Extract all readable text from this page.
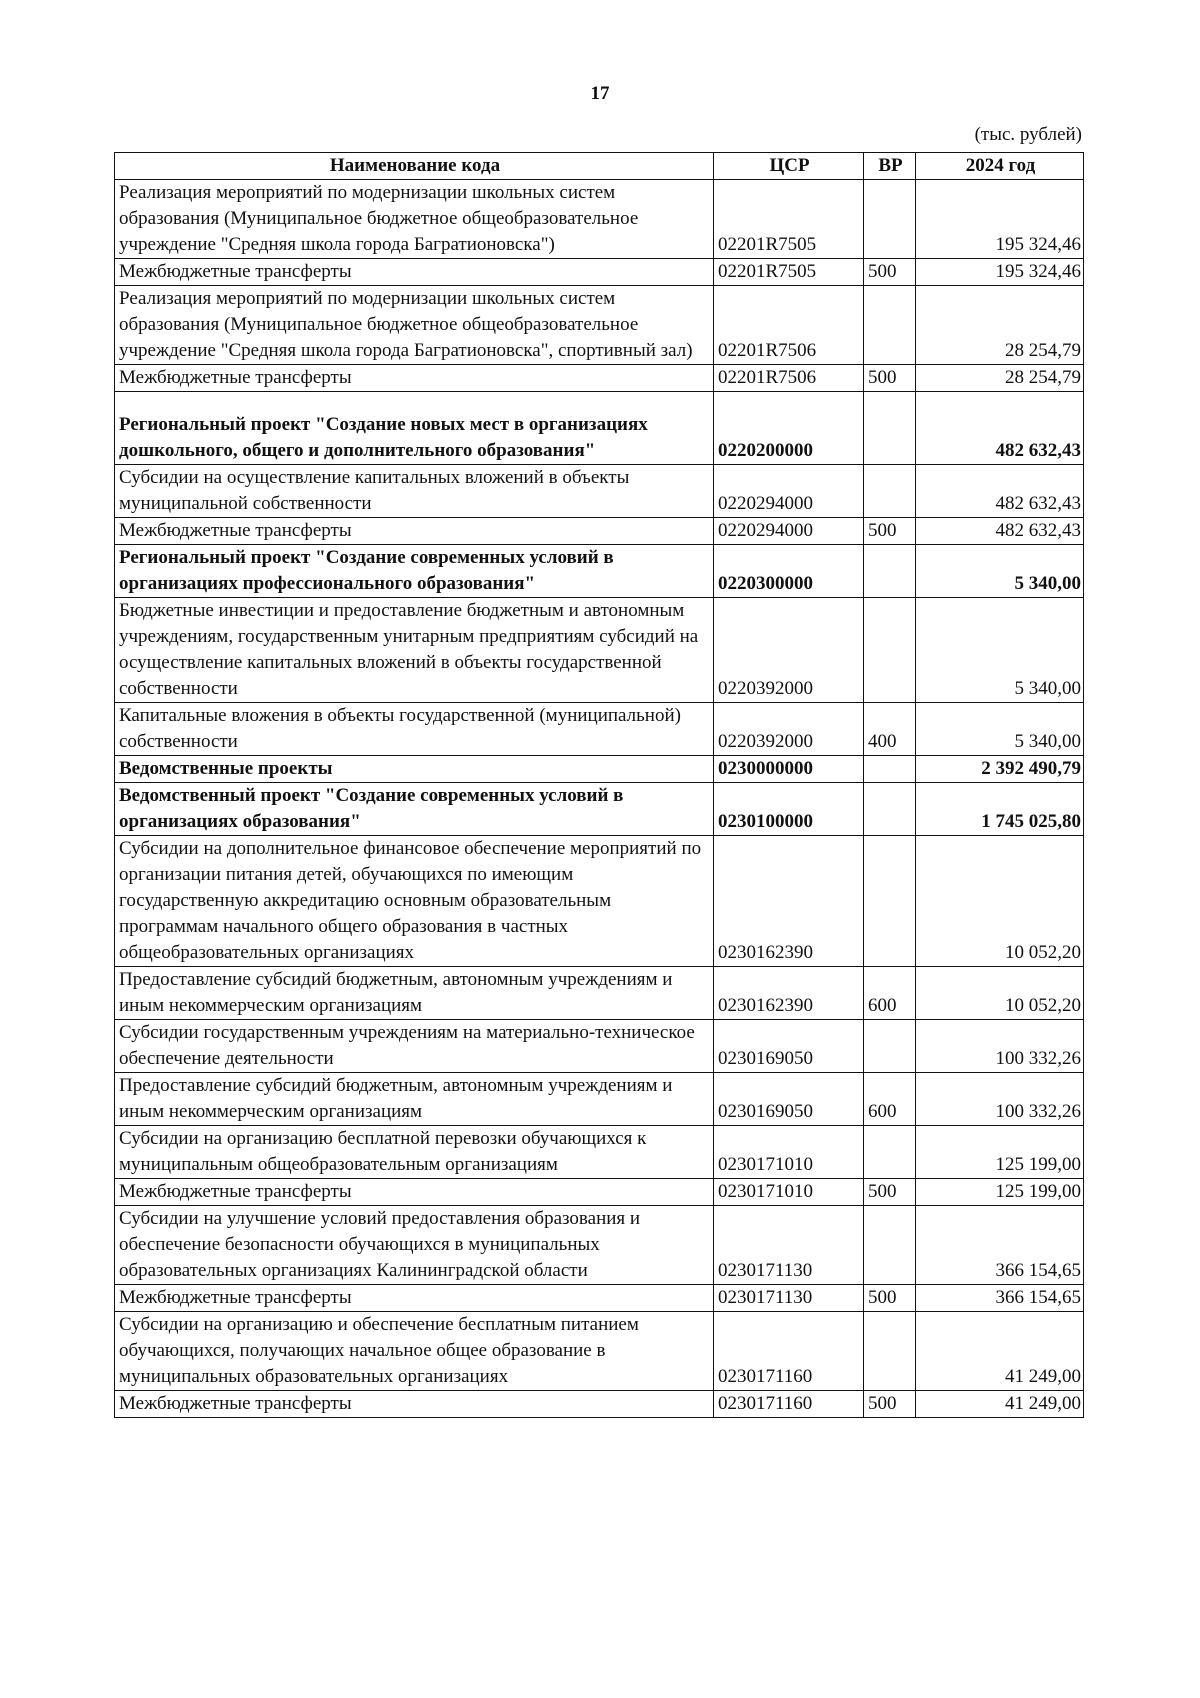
17
(тыс. рублей)
Наименование кода	ЦСР	ВР	2024 год
Реализация мероприятий по модернизации школьных систем образования (Муниципальное бюджетное общеобразовательное учреждение "Средняя школа города Багратионовска")	02201R7505		195 324,46
Межбюджетные трансферты	02201R7505	500	195 324,46
Реализация мероприятий по модернизации школьных систем образования (Муниципальное бюджетное общеобразовательное учреждение "Средняя школа города Багратионовска", спортивный зал)	02201R7506		28 254,79
Межбюджетные трансферты	02201R7506	500	28 254,79
Региональный проект "Создание новых мест в организациях дошкольного, общего и дополнительного образования"	0220200000		482 632,43
Субсидии на осуществление капитальных вложений в объекты муниципальной собственности	0220294000		482 632,43
Межбюджетные трансферты	0220294000	500	482 632,43
Региональный проект "Создание современных условий в организациях профессионального образования"	0220300000		5 340,00
Бюджетные инвестиции и предоставление бюджетным и автономным учреждениям, государственным унитарным предприятиям субсидий на осуществление капитальных вложений в объекты государственной собственности	0220392000		5 340,00
Капитальные вложения в объекты государственной (муниципальной) собственности	0220392000	400	5 340,00
Ведомственные проекты	0230000000		2 392 490,79
Ведомственный проект "Создание современных условий в организациях образования"	0230100000		1 745 025,80
Субсидии на дополнительное финансовое обеспечение мероприятий по организации питания детей, обучающихся по имеющим государственную аккредитацию основным образовательным программам начального общего образования в частных общеобразовательных организациях	0230162390		10 052,20
Предоставление субсидий бюджетным, автономным учреждениям и иным некоммерческим организациям	0230162390	600	10 052,20
Субсидии государственным учреждениям на материально-техническое обеспечение деятельности	0230169050		100 332,26
Предоставление субсидий бюджетным, автономным учреждениям и иным некоммерческим организациям	0230169050	600	100 332,26
Субсидии на организацию бесплатной перевозки обучающихся к муниципальным общеобразовательным организациям	0230171010		125 199,00
Межбюджетные трансферты	0230171010	500	125 199,00
Субсидии на улучшение условий предоставления образования и обеспечение безопасности обучающихся в муниципальных образовательных организациях Калининградской области	0230171130		366 154,65
Межбюджетные трансферты	0230171130	500	366 154,65
Субсидии на организацию и обеспечение бесплатным питанием обучающихся, получающих начальное общее образование в муниципальных образовательных организациях	0230171160		41 249,00
Межбюджетные трансферты	0230171160	500	41 249,00
